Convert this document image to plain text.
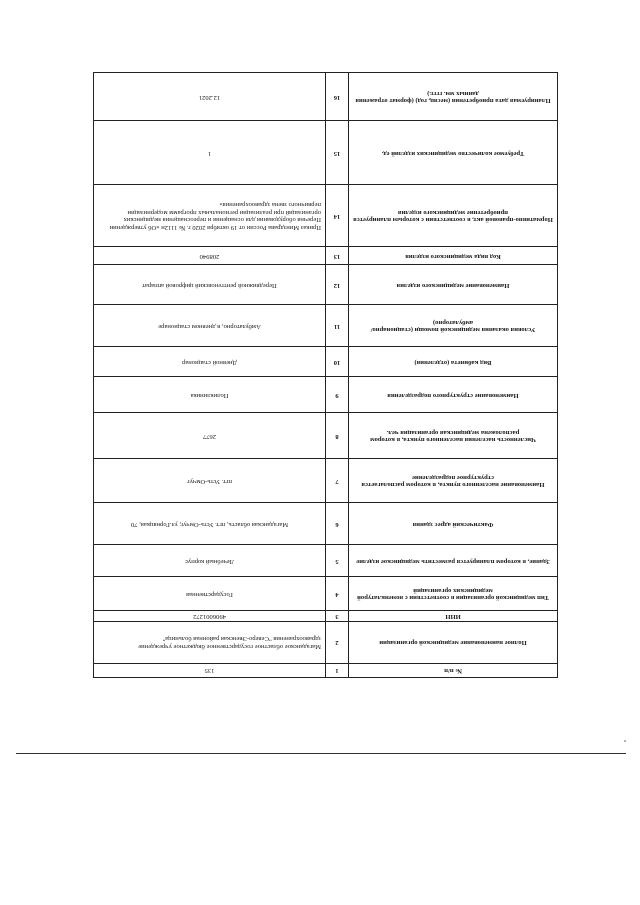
№ п/п	1	135
Полное наименование медицинской организации	2	Магаданское областное государственное бюджетное учреждение здравоохранения "Северо-Эвенская районная больница"
ИНН	3	4906001272
Тип медицинской организации в соответствии с номенклатурой медицинских организаций	4	Государственная
Здание, в котором планируется разместить медицинское изделие	5	Лечебный корпус
Фактический адрес здания	6	Магаданская область, пгт. Усть-Омчуг, ул.Горняцкая, 70
Наименование населенного пункта, в котором располагается структурное подразделение	7	пгт. Усть-Омчуг
Численность населения населенного пункта, в котором расположена медицинская организация чел.	8	2677
Наименование структурного подразделения	9	Поликлиника
Вид кабинета (отделения)	10	Дневной стационар
Условия оказания медицинской помощи (стационарно/амбулаторно)	11	Амбулаторно, в дневном стационаре
Наименование медицинского изделия	12	Передвижной рентгеновский цифровой аппарат
Код вида медицинского изделия	13	208940
Нормативно-правовой акт, в соответствии с которым планируется приобретение медицинского изделия	14	Приказ Минздрава России от 19 октября 2020 г. № 1112н «Об утверждении Перечня оборудования для оснащения и переоснащения медицинских организаций при реализации региональных программ модернизации первичного звена здравоохранения»
Требуемое количество медицинских изделий ед.	15	1
Планируемая дата приобретения (месяц, год) (формат отражения данных мм. гггг.)	16	12.2021
